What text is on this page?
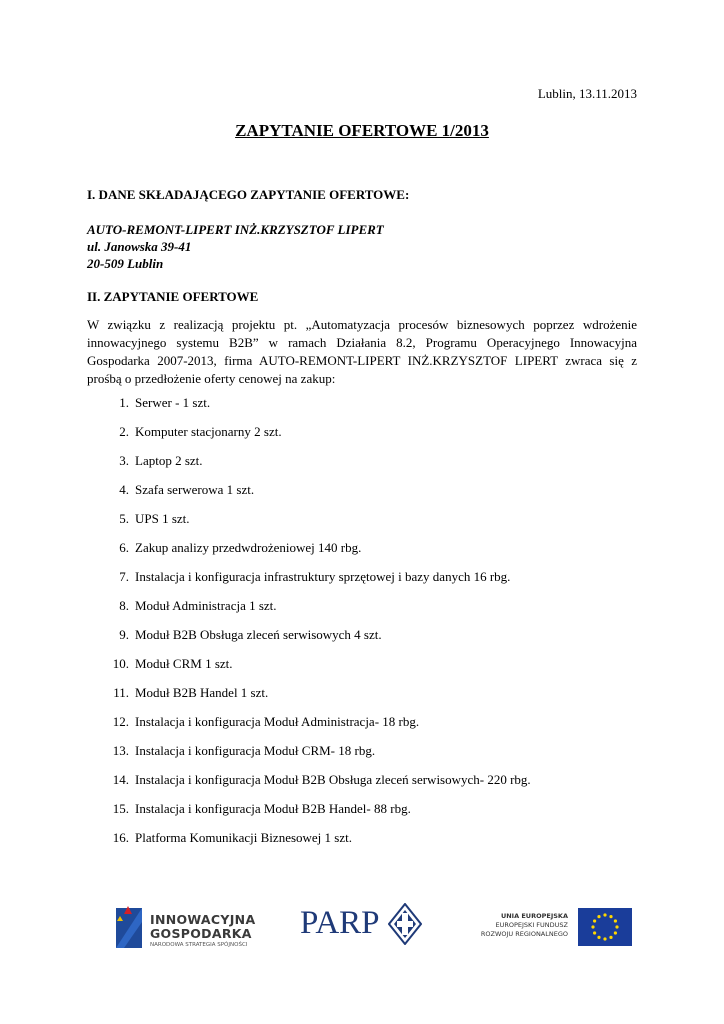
Lublin, 13.11.2013
ZAPYTANIE OFERTOWE 1/2013
I. DANE SKŁADAJĄCEGO ZAPYTANIE OFERTOWE:
AUTO-REMONT-LIPERT INŻ.KRZYSZTOF LIPERT
ul. Janowska 39-41
20-509 Lublin
II. ZAPYTANIE OFERTOWE
W związku z realizacją projektu pt. „Automatyzacja procesów biznesowych poprzez wdrożenie innowacyjnego systemu B2B” w ramach Działania 8.2, Programu Operacyjnego Innowacyjna Gospodarka 2007-2013, firma AUTO-REMONT-LIPERT INŻ.KRZYSZTOF LIPERT zwraca się z prośbą o przedłożenie oferty cenowej na zakup:
1. Serwer - 1 szt.
2. Komputer stacjonarny 2 szt.
3. Laptop 2 szt.
4. Szafa serwerowa 1 szt.
5. UPS 1 szt.
6. Zakup analizy przedwdrożeniowej 140 rbg.
7. Instalacja i konfiguracja infrastruktury sprzętowej i bazy danych 16 rbg.
8. Moduł Administracja 1 szt.
9. Moduł B2B Obsługa zleceń serwisowych 4 szt.
10. Moduł CRM 1 szt.
11. Moduł B2B Handel 1 szt.
12. Instalacja i konfiguracja Moduł Administracja- 18 rbg.
13. Instalacja i konfiguracja Moduł CRM- 18 rbg.
14. Instalacja i konfiguracja Moduł B2B Obsługa zleceń serwisowych- 220 rbg.
15. Instalacja i konfiguracja Moduł B2B Handel- 88 rbg.
16. Platforma Komunikacji Biznesowej 1 szt.
INNOWACYJNA
GOSPODARKA
NARODOWA STRATEGIA SPÓJNOŚCI
PARP	UNIA EUROPEJSKA
EUROPEJSKI FUNDUSZ
ROZWOJU REGIONALNEGO
